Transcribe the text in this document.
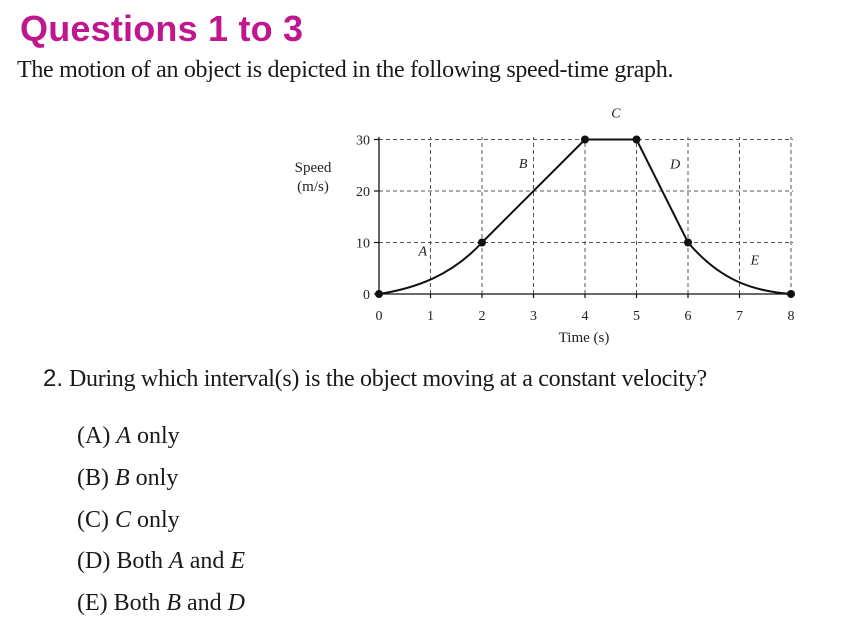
Questions 1 to 3
The motion of an object is depicted in the following speed-time graph.
0
10
20
30
0	1	2	3	4	5	6	7	8
Speed
(m/s)
Time (s)
A
B
C
D
E
2. During which interval(s) is the object moving at a constant velocity?
(A) A only
(B) B only
(C) C only
(D) Both A and E
(E) Both B and D
